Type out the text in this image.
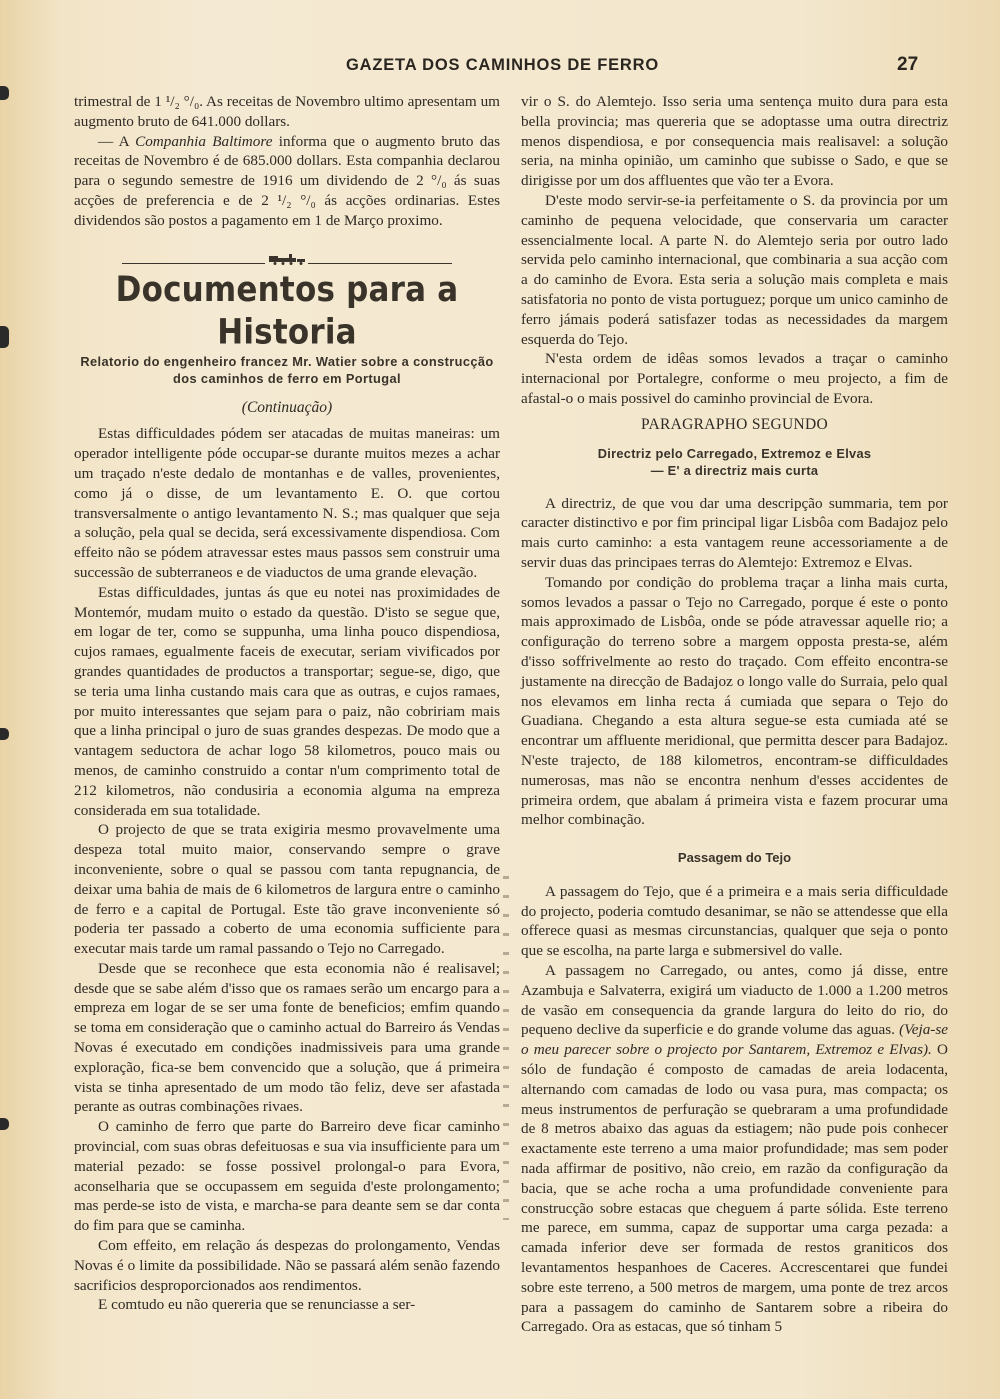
GAZETA DOS CAMINHOS DE FERRO	27

trimestral de 1 ¹/₂ °/₀. As receitas de Novembro ultimo apresentam um augmento bruto de 641.000 dollars.

— A Companhia Baltimore informa que o augmento bruto das receitas de Novembro é de 685.000 dollars. Esta companhia declarou para o segundo semestre de 1916 um dividendo de 2 °/₀ ás suas acções de preferencia e de 2 ¹/₂ °/₀ ás acções ordinarias. Estes dividendos são postos a pagamento em 1 de Março proximo.

Documentos para a Historia
Relatorio do engenheiro francez Mr. Watier sobre a construcção
dos caminhos de ferro em Portugal
(Continuação)

Estas difficuldades pódem ser atacadas de muitas maneiras: um operador intelligente póde occupar-se durante muitos mezes a achar um traçado n'este dedalo de montanhas e de valles, provenientes, como já o disse, de um levantamento E. O. que cortou transversalmente o antigo levantamento N. S.; mas qualquer que seja a solução, pela qual se decida, será excessivamente dispendiosa. Com effeito não se pódem atravessar estes maus passos sem construir uma successão de subterraneos e de viaductos de uma grande elevação.

Estas difficuldades, juntas ás que eu notei nas proximidades de Montemór, mudam muito o estado da questão. D'isto se segue que, em logar de ter, como se suppunha, uma linha pouco dispendiosa, cujos ramaes, egualmente faceis de executar, seriam vivificados por grandes quantidades de productos a transportar; segue-se, digo, que se teria uma linha custando mais cara que as outras, e cujos ramaes, por muito interessantes que sejam para o paiz, não cobririam mais que a linha principal o juro de suas grandes despezas. De modo que a vantagem seductora de achar logo 58 kilometros, pouco mais ou menos, de caminho construido a contar n'um comprimento total de 212 kilometros, não condusiria a economia alguma na empreza considerada em sua totalidade.

O projecto de que se trata exigiria mesmo provavelmente uma despeza total muito maior, conservando sempre o grave inconveniente, sobre o qual se passou com tanta repugnancia, de deixar uma bahia de mais de 6 kilometros de largura entre o caminho de ferro e a capital de Portugal. Este tão grave inconveniente só poderia ter passado a coberto de uma economia sufficiente para executar mais tarde um ramal passando o Tejo no Carregado.

Desde que se reconhece que esta economia não é realisavel; desde que se sabe além d'isso que os ramaes serão um encargo para a empreza em logar de se ser uma fonte de beneficios; emfim quando se toma em consideração que o caminho actual do Barreiro ás Vendas Novas é executado em condições inadmissiveis para uma grande exploração, fica-se bem convencido que a solução, que á primeira vista se tinha apresentado de um modo tão feliz, deve ser afastada perante as outras combinações rivaes.

O caminho de ferro que parte do Barreiro deve ficar caminho provincial, com suas obras defeituosas e sua via insufficiente para um material pezado: se fosse possivel prolongal-o para Evora, aconselharia que se occupassem em seguida d'este prolongamento; mas perde-se isto de vista, e marcha-se para deante sem se dar conta do fim para que se caminha.

Com effeito, em relação ás despezas do prolongamento, Vendas Novas é o limite da possibilidade. Não se passará além senão fazendo sacrificios desproporcionados aos rendimentos.

E comtudo eu não quereria que se renunciasse a ser-

vir o S. do Alemtejo. Isso seria uma sentença muito dura para esta bella provincia; mas quereria que se adoptasse uma outra directriz menos dispendiosa, e por consequencia mais realisavel: a solução seria, na minha opinião, um caminho que subisse o Sado, e que se dirigisse por um dos affluentes que vão ter a Evora.

D'este modo servir-se-ia perfeitamente o S. da provincia por um caminho de pequena velocidade, que conservaria um caracter essencialmente local. A parte N. do Alemtejo seria por outro lado servida pelo caminho internacional, que combinaria a sua acção com a do caminho de Evora. Esta seria a solução mais completa e mais satisfatoria no ponto de vista portuguez; porque um unico caminho de ferro jámais poderá satisfazer todas as necessidades da margem esquerda do Tejo.

N'esta ordem de idêas somos levados a traçar o caminho internacional por Portalegre, conforme o meu projecto, a fim de afastal-o o mais possivel do caminho provincial de Evora.

PARAGRAPHO SEGUNDO
Directriz pelo Carregado, Extremoz e Elvas
— E' a directriz mais curta

A directriz, de que vou dar uma descripção summaria, tem por caracter distinctivo e por fim principal ligar Lisbôa com Badajoz pelo mais curto caminho: a esta vantagem reune accessoriamente a de servir duas das principaes terras do Alemtejo: Extremoz e Elvas.

Tomando por condição do problema traçar a linha mais curta, somos levados a passar o Tejo no Carregado, porque é este o ponto mais approximado de Lisbôa, onde se póde atravessar aquelle rio; a configuração do terreno sobre a margem opposta presta-se, além d'isso soffrivelmente ao resto do traçado. Com effeito encontra-se justamente na direcção de Badajoz o longo valle do Surraia, pelo qual nos elevamos em linha recta á cumiada que separa o Tejo do Guadiana. Chegando a esta altura segue-se esta cumiada até se encontrar um affluente meridional, que permitta descer para Badajoz. N'este trajecto, de 188 kilometros, encontram-se difficuldades numerosas, mas não se encontra nenhum d'esses accidentes de primeira ordem, que abalam á primeira vista e fazem procurar uma melhor combinação.

Passagem do Tejo

A passagem do Tejo, que é a primeira e a mais seria difficuldade do projecto, poderia comtudo desanimar, se não se attendesse que ella offerece quasi as mesmas circunstancias, qualquer que seja o ponto que se escolha, na parte larga e submersivel do valle.

A passagem no Carregado, ou antes, como já disse, entre Azambuja e Salvaterra, exigirá um viaducto de 1.000 a 1.200 metros de vasão em consequencia da grande largura do leito do rio, do pequeno declive da superficie e do grande volume das aguas. (Veja-se o meu parecer sobre o projecto por Santarem, Extremoz e Elvas). O sólo de fundação é composto de camadas de areia lodacenta, alternando com camadas de lodo ou vasa pura, mas compacta; os meus instrumentos de perfuração se quebraram a uma profundidade de 8 metros abaixo das aguas da estiagem; não pude pois conhecer exactamente este terreno a uma maior profundidade; mas sem poder nada affirmar de positivo, não creio, em razão da configuração da bacia, que se ache rocha a uma profundidade conveniente para construcção sobre estacas que cheguem á parte sólida. Este terreno me parece, em summa, capaz de supportar uma carga pezada: a camada inferior deve ser formada de restos graniticos dos levantamentos hespanhoes de Caceres. Accrescentarei que fundei sobre este terreno, a 500 metros de margem, uma ponte de trez arcos para a passagem do caminho de Santarem sobre a ribeira do Carregado. Ora as estacas, que só tinham 5
